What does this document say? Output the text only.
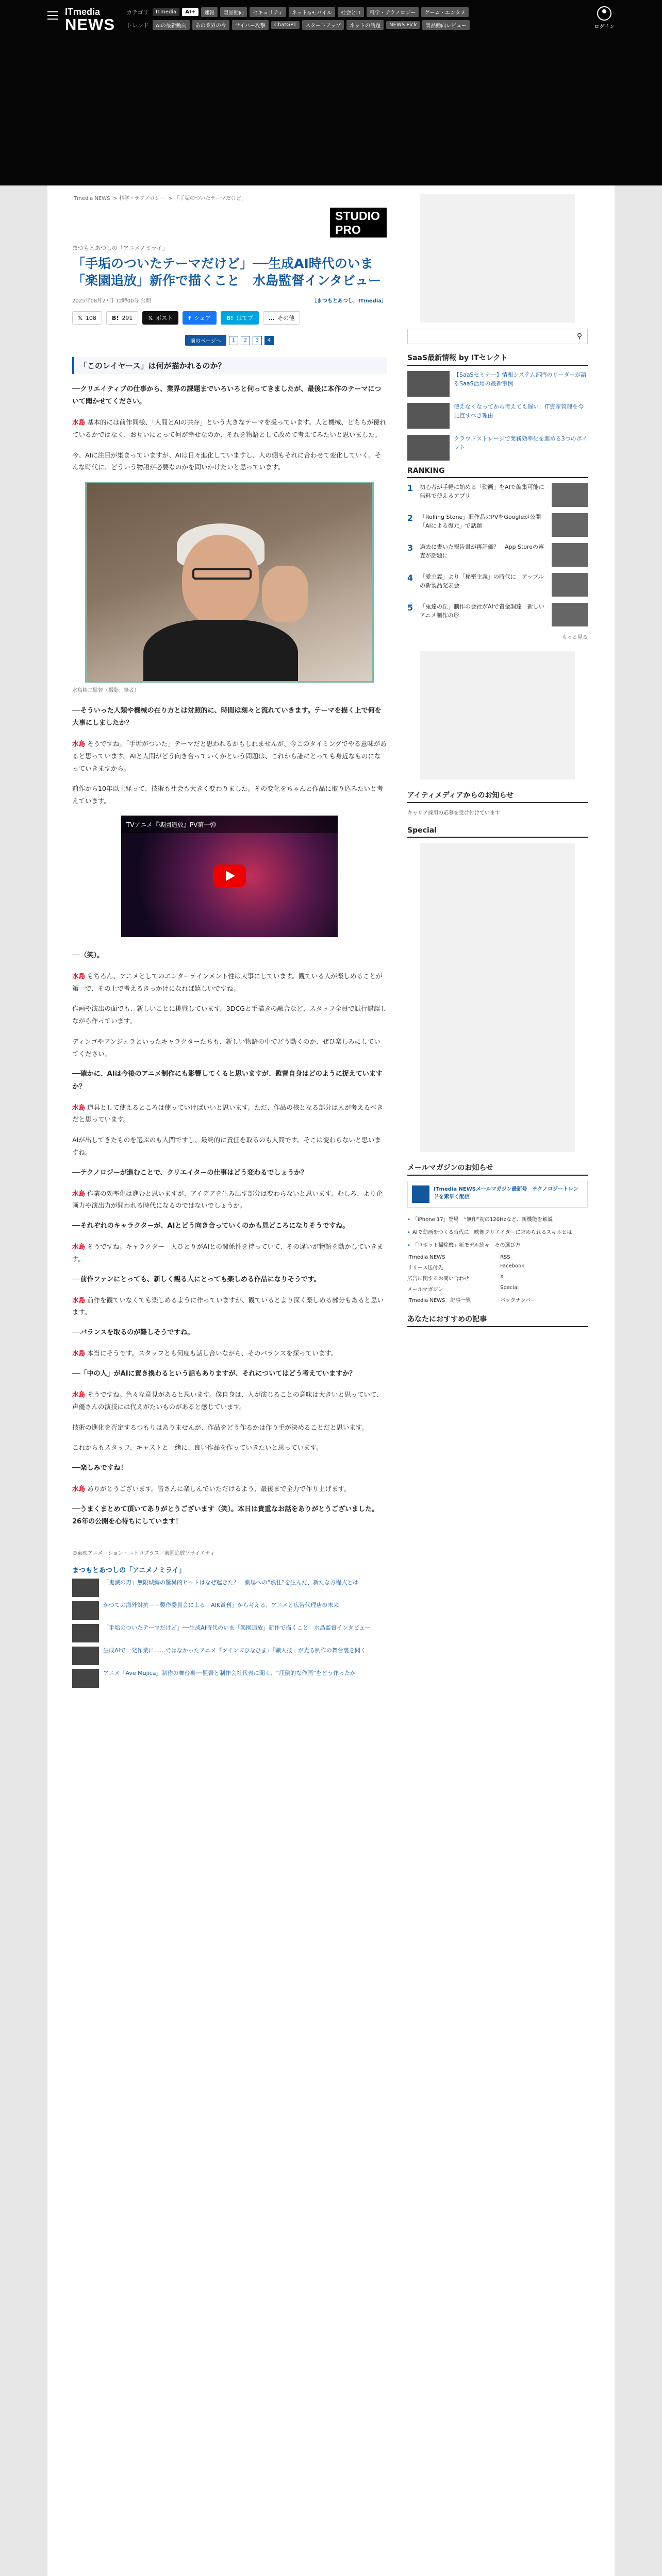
ITmedia
NEWS
カテゴリ	ITmedia	AI+	速報	製品動向	セキュリティ	ネット&モバイル	社会とIT	科学・テクノロジー	ゲーム・エンタメ
トレンド	AIの最新動向	あの業界の今	サイバー攻撃	ChatGPT	スタートアップ	ネットの話題	NEWS Pick	製品動向レビュー	ログイン
ITmedia NEWS > 科学・テクノロジー > 「手垢のついたテーマだけど」
STUDIO
PRO
まつもとあつしの「アニメノミライ」
「手垢のついたテーマだけど」──生成AI時代のいま「楽園追放」新作で描くこと　水島監督インタビュー
2025年08月27日 12時00分 公開	［まつもとあつし，ITmedia］
𝕏 108	B! 291	𝕏 ポスト	f シェア	B! はてブ	… その他
前のページへ	1	2	3	4
「このレイヤース」は何が描かれるのか？

──クリエイティブの仕事から、業界の課題までいろいろと伺ってきましたが、最後に本作のテーマについて聞かせてください。

水島 基本的には前作同様、「人間とAIの共存」という大きなテーマを扱っています。人と機械、どちらが優れているかではなく、お互いにとって何が幸せなのか、それを物語として改めて考えてみたいと思いました。

今、AIに注目が集まっていますが、AIは日々進化していますし、人の側もそれに合わせて変化していく。そんな時代に、どういう物語が必要なのかを問いかけたいと思っています。

水島精二監督（撮影：筆者）

──そういった人類や機械の在り方とは対照的に、時間は刻々と流れていきます。テーマを描く上で何を大事にしましたか？

水島 そうですね。「手垢がついた」テーマだと思われるかもしれませんが、今このタイミングでやる意味があると思っています。AIと人間がどう向き合っていくかという問題は、これから誰にとっても身近なものになっていきますから。

前作から10年以上経って、技術も社会も大きく変わりました。その変化をちゃんと作品に取り込みたいと考えています。

TVアニメ『楽園追放』PV第一弾

──（笑）。

水島 もちろん、アニメとしてのエンターテインメント性は大事にしています。観ている人が楽しめることが第一で、その上で考えるきっかけになれば嬉しいですね。

作画や演出の面でも、新しいことに挑戦しています。3DCGと手描きの融合など、スタッフ全員で試行錯誤しながら作っています。

ディンゴやアンジェラといったキャラクターたちも、新しい物語の中でどう動くのか、ぜひ楽しみにしていてください。

──確かに、AIは今後のアニメ制作にも影響してくると思いますが、監督自身はどのように捉えていますか？

水島 道具として使えるところは使っていけばいいと思います。ただ、作品の核となる部分は人が考えるべきだと思っています。

AIが出してきたものを選ぶのも人間ですし、最終的に責任を取るのも人間です。そこは変わらないと思いますね。

──テクノロジーが進むことで、クリエイターの仕事はどう変わるでしょうか？

水島 作業の効率化は進むと思いますが、アイデアを生み出す部分は変わらないと思います。むしろ、より企画力や演出力が問われる時代になるのではないでしょうか。

──それぞれのキャラクターが、AIとどう向き合っていくのかも見どころになりそうですね。

水島 そうですね。キャラクター一人ひとりがAIとの関係性を持っていて、その違いが物語を動かしていきます。

──前作ファンにとっても、新しく観る人にとっても楽しめる作品になりそうです。

水島 前作を観ていなくても楽しめるように作っていますが、観ているとより深く楽しめる部分もあると思います。

──バランスを取るのが難しそうですね。

水島 本当にそうです。スタッフとも何度も話し合いながら、そのバランスを探っています。

──「中の人」がAIに置き換わるという話もありますが、それについてはどう考えていますか？

水島 そうですね。色々な意見があると思います。僕自身は、人が演じることの意味は大きいと思っていて、声優さんの演技には代えがたいものがあると感じています。

技術の進化を否定するつもりはありませんが、作品をどう作るかは作り手が決めることだと思います。

これからもスタッフ、キャストと一緒に、良い作品を作っていきたいと思っています。

──楽しみですね！

水島 ありがとうございます。皆さんに楽しんでいただけるよう、最後まで全力で作り上げます。

──うまくまとめて頂いてありがとうございます（笑）。本日は貴重なお話をありがとうございました。26年の公開を心待ちにしています！

©東映アニメーション・ニトロプラス／楽園追放ソサイエティ
まつもとあつしの「アニメノミライ」
「鬼滅の刃」無限城編の驚異的ヒットはなぜ起きた？　劇場への“熱狂”を生んだ、新たな方程式とは
かつての海外対抗ーー製作委員会による「AIK賞刊」から考える、アニメと広告代理店の未来
「手垢のついたテーマだけど」──生成AI時代のいま「楽園追放」新作で描くこと　水島監督インタビュー
生成AIで一発作業に……ではなかったアニメ『ツインズひなひま』「職人技」が光る制作の舞台裏を聞く
アニメ「Ave Mujica」制作の舞台裏──監督と制作会社代表に聞く、“圧倒的な作画”をどう作ったか
⚲
SaaS最新情報 by ITセレクト
【SaaSセミナー】情報システム部門のリーダーが語るSaaS活用の最新事例
使えなくなってから考えても遅い：IT資産管理を今見直すべき理由
クラウドストレージで業務効率化を進める3つのポイント
RANKING
1	初心者が手軽に始める「動画」をAIで編集可能に　無料で使えるアプリ
2	「Rolling Stone」旧作品のPVをGoogleが公開「AIによる復元」で話題
3	過去に書いた報告書が再評価？　App Storeの審査が話題に
4	「愛主義」より「秘密主義」の時代に　アップルの新製品発表会
5	「兎達の丘」制作の会社がAIで資金調達　新しいアニメ制作の形
もっと見る
アイティメディアからのお知らせ
キャリア採用の応募を受け付けています
Special
メールマガジンのお知らせ
ITmedia NEWSメールマガジン最新号　テクノロジートレンドを素早く配信
• 「iPhone 17」登場　“無印”初の120Hzなど、新機能を解説
• AIで動画をつくる時代に　映像クリエイターに求められるスキルとは
• 「ロボット掃除機」新モデル続々　その選び方
ITmedia NEWS	RSS
リリース送付先	Facebook
広告に関するお問い合わせ	X
メールマガジン	Special
ITmedia NEWS　記事一覧	バックナンバー
あなたにおすすめの記事
